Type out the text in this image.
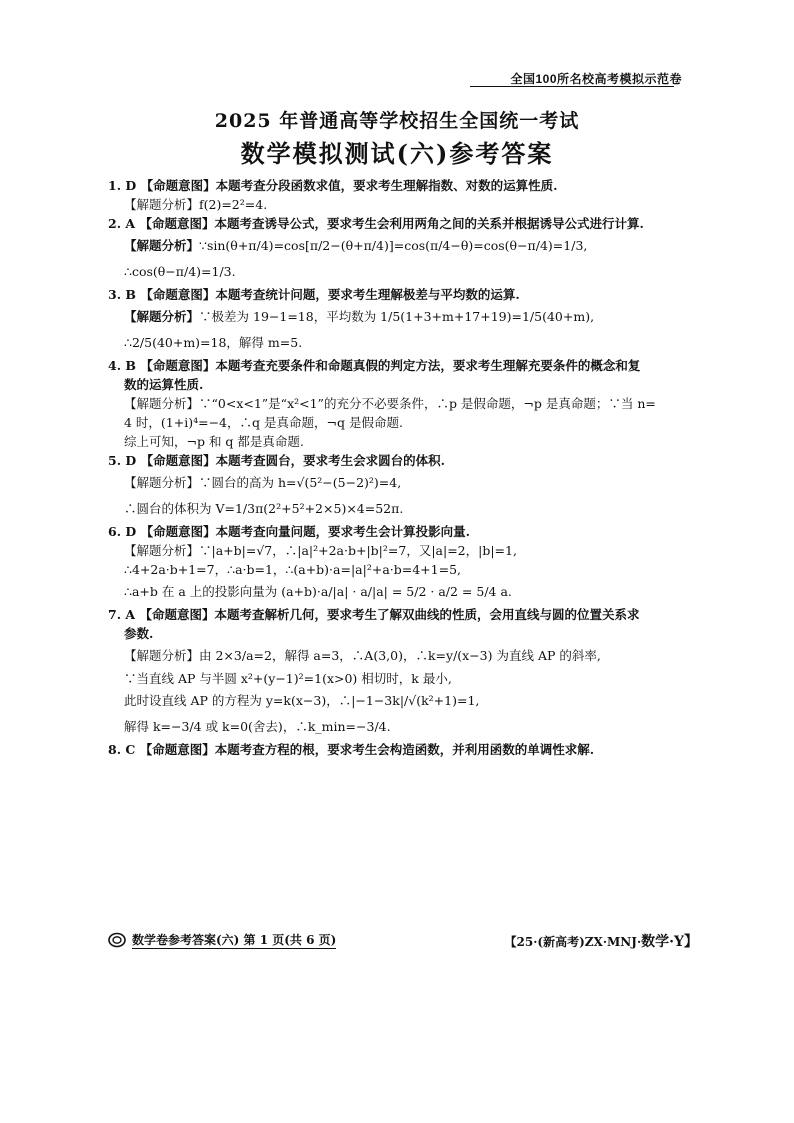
全国100所名校高考模拟示范卷
2025 年普通高等学校招生全国统一考试
数学模拟测试(六)参考答案

1. D 【命题意图】本题考查分段函数求值，要求考生理解指数、对数的运算性质.

【解题分析】f(2)=2²=4.

2. A 【命题意图】本题考查诱导公式，要求考生会利用两角之间的关系并根据诱导公式进行计算.

【解题分析】∵sin(θ+π/4)=cos[π/2−(θ+π/4)]=cos(π/4−θ)=cos(θ−π/4)=1/3,

∴cos(θ−π/4)=1/3.

3. B 【命题意图】本题考查统计问题，要求考生理解极差与平均数的运算.

【解题分析】∵极差为 19−1=18，平均数为 1/5(1+3+m+17+19)=1/5(40+m),

∴2/5(40+m)=18，解得 m=5.

4. B 【命题意图】本题考查充要条件和命题真假的判定方法，要求考生理解充要条件的概念和复

数的运算性质.

【解题分析】∵“0<x<1”是“x²<1”的充分不必要条件，∴p 是假命题，¬p 是真命题；∵当 n=

4 时，(1+i)⁴=−4，∴q 是真命题，¬q 是假命题.

综上可知，¬p 和 q 都是真命题.

5. D 【命题意图】本题考查圆台，要求考生会求圆台的体积.

【解题分析】∵圆台的高为 h=√(5²−(5−2)²)=4,

∴圆台的体积为 V=1/3π(2²+5²+2×5)×4=52π.

6. D 【命题意图】本题考查向量问题，要求考生会计算投影向量.

【解题分析】∵|a+b|=√7，∴|a|²+2a·b+|b|²=7，又|a|=2，|b|=1,

∴4+2a·b+1=7，∴a·b=1，∴(a+b)·a=|a|²+a·b=4+1=5,

∴a+b 在 a 上的投影向量为 (a+b)·a/|a| · a/|a| = 5/2 · a/2 = 5/4 a.

7. A 【命题意图】本题考查解析几何，要求考生了解双曲线的性质，会用直线与圆的位置关系求

参数.

【解题分析】由 2×3/a=2，解得 a=3，∴A(3,0)，∴k=y/(x−3) 为直线 AP 的斜率,

∵当直线 AP 与半圆 x²+(y−1)²=1(x>0) 相切时，k 最小,

此时设直线 AP 的方程为 y=k(x−3)，∴|−1−3k|/√(k²+1)=1,

解得 k=−3/4 或 k=0(舍去)，∴k_min=−3/4.

8. C 【命题意图】本题考查方程的根，要求考生会构造函数，并利用函数的单调性求解.

数学卷参考答案(六) 第 1 页(共 6 页)	【25·(新高考)ZX·MNJ·数学·Y】
